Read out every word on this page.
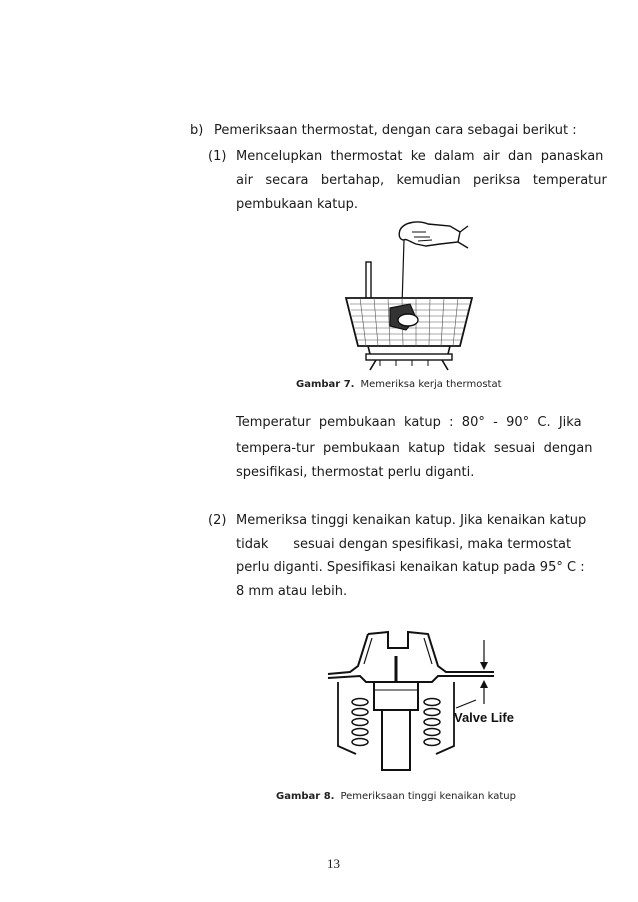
b) Pemeriksaan thermostat, dengan cara sebagai berikut :
(1) Mencelupkan  thermostat  ke  dalam  air  dan  panaskan
air   secara   bertahap,   kemudian   periksa   temperatur
pembukaan katup.
Gambar 7. Memeriksa kerja thermostat
Temperatur  pembukaan  katup  :  80°  -  90°  C.  Jika
tempera-tur  pembukaan  katup  tidak  sesuai  dengan
spesifikasi, thermostat perlu diganti.
(2) Memeriksa tinggi kenaikan katup. Jika kenaikan katup
tidak      sesuai dengan spesifikasi, maka termostat
perlu diganti. Spesifikasi kenaikan katup pada 95° C :
8 mm atau lebih.
Valve Life
Gambar 8. Pemeriksaan tinggi kenaikan katup
13
